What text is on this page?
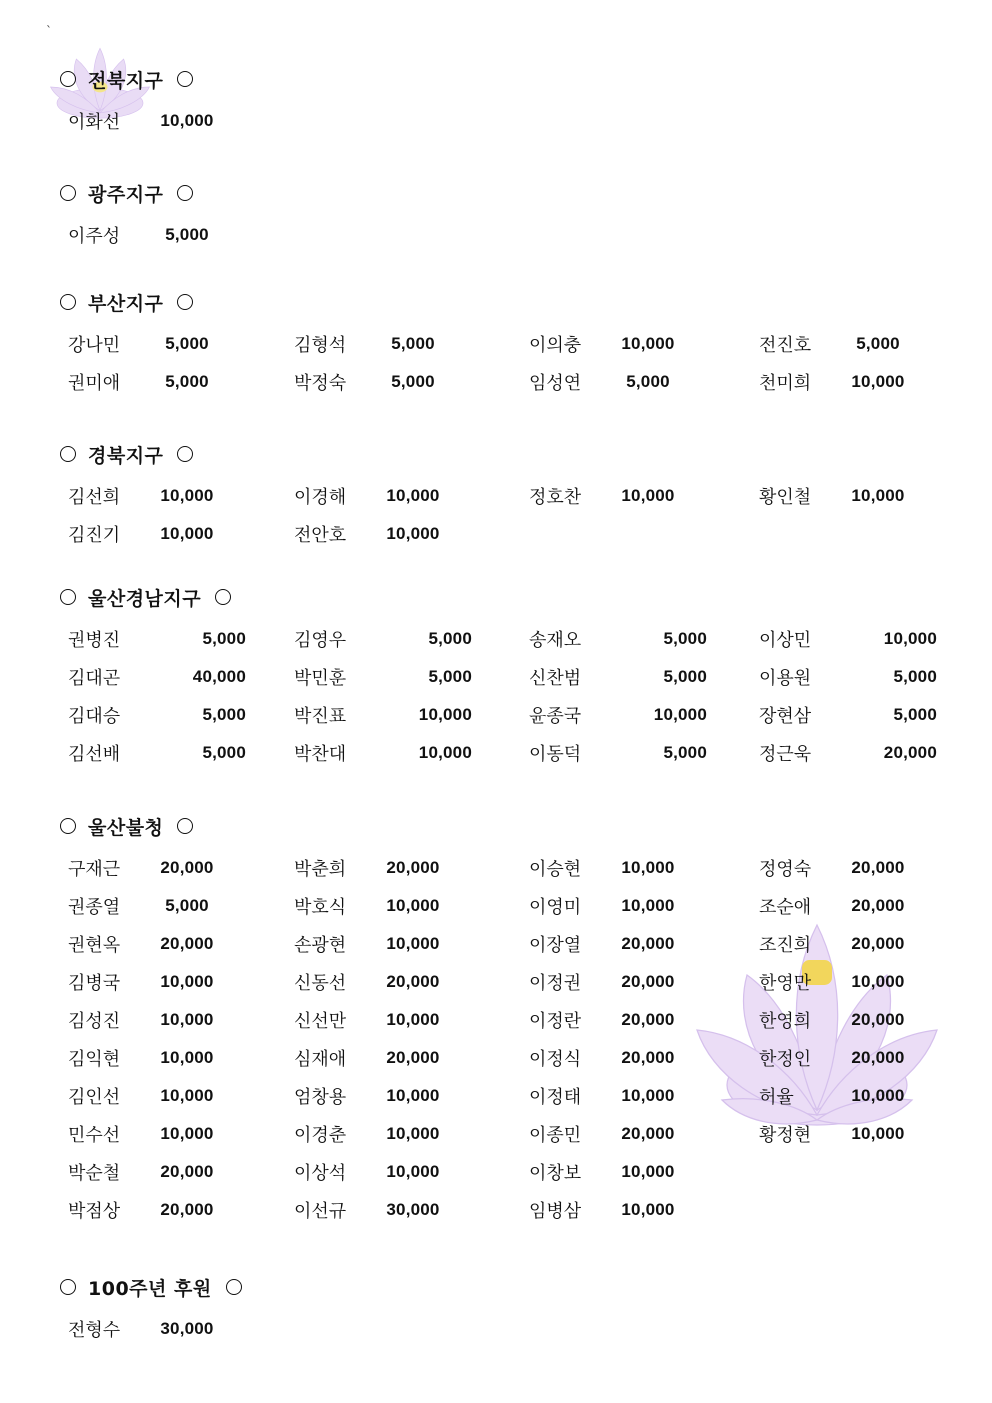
`
전북지구
이화선	10,000
광주지구
이주성	5,000
부산지구
강나민	5,000	김형석	5,000	이의충	10,000	전진호	5,000
권미애	5,000	박정숙	5,000	임성연	5,000	천미희	10,000
경북지구
김선희	10,000	이경해	10,000	정호찬	10,000	황인철	10,000
김진기	10,000	전안호	10,000
울산경남지구
권병진	5,000	김영우	5,000	송재오	5,000	이상민	10,000
김대곤	40,000	박민훈	5,000	신찬범	5,000	이용원	5,000
김대승	5,000	박진표	10,000	윤종국	10,000	장현삼	5,000
김선배	5,000	박찬대	10,000	이동덕	5,000	정근욱	20,000
울산불청
구재근	20,000	박춘희	20,000	이승현	10,000	정영숙	20,000
권종열	5,000	박호식	10,000	이영미	10,000	조순애	20,000
권현옥	20,000	손광현	10,000	이장열	20,000	조진희	20,000
김병국	10,000	신동선	20,000	이정권	20,000	한영만	10,000
김성진	10,000	신선만	10,000	이정란	20,000	한영희	20,000
김익현	10,000	심재애	20,000	이정식	20,000	한정인	20,000
김인선	10,000	엄창용	10,000	이정태	10,000	허율	10,000
민수선	10,000	이경춘	10,000	이종민	20,000	황정현	10,000
박순철	20,000	이상석	10,000	이창보	10,000
박점상	20,000	이선규	30,000	임병삼	10,000
100주년 후원
전형수	30,000
